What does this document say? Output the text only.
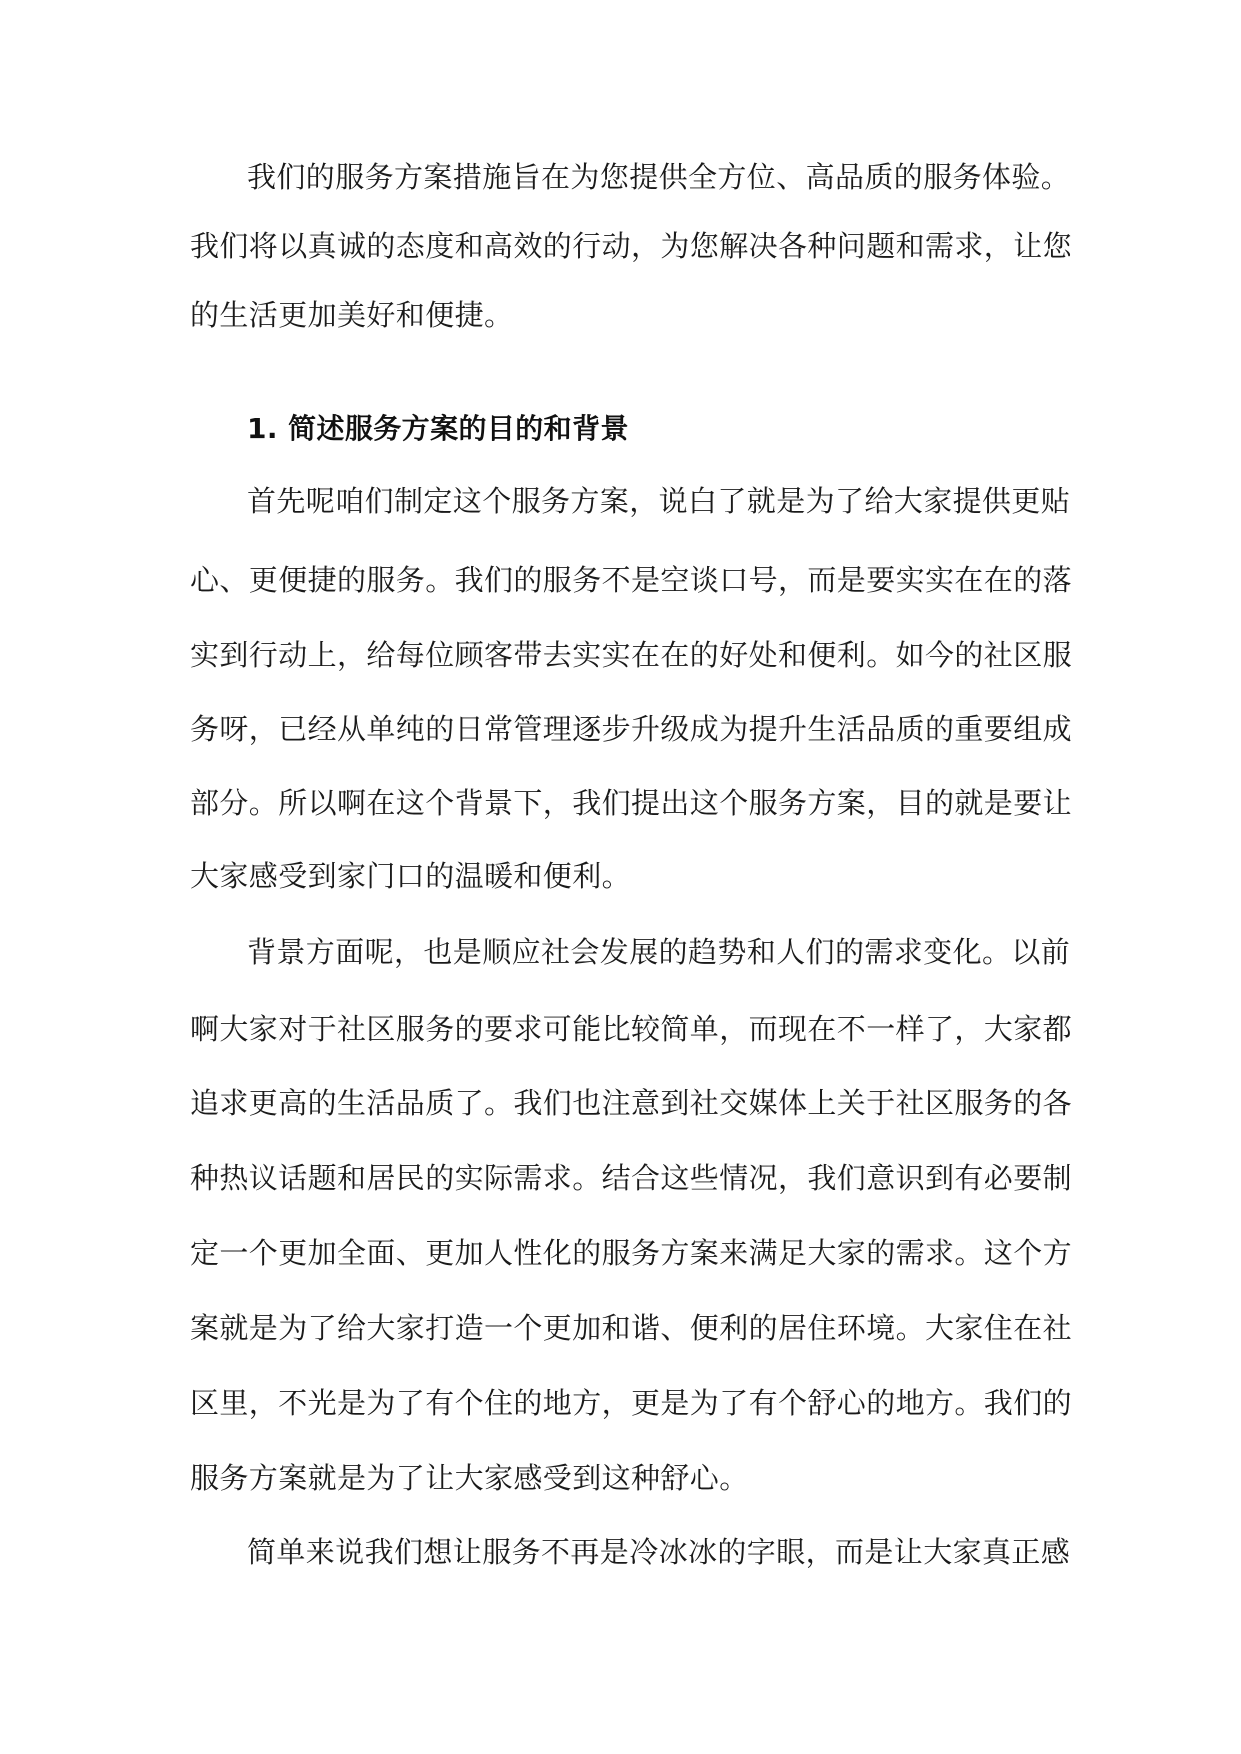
我们的服务方案措施旨在为您提供全方位、高品质的服务体验。
我们将以真诚的态度和高效的行动，为您解决各种问题和需求，让您
的生活更加美好和便捷。
1. 简述服务方案的目的和背景
首先呢咱们制定这个服务方案，说白了就是为了给大家提供更贴
心、更便捷的服务。我们的服务不是空谈口号，而是要实实在在的落
实到行动上，给每位顾客带去实实在在的好处和便利。如今的社区服
务呀，已经从单纯的日常管理逐步升级成为提升生活品质的重要组成
部分。所以啊在这个背景下，我们提出这个服务方案，目的就是要让
大家感受到家门口的温暖和便利。
背景方面呢，也是顺应社会发展的趋势和人们的需求变化。以前
啊大家对于社区服务的要求可能比较简单，而现在不一样了，大家都
追求更高的生活品质了。我们也注意到社交媒体上关于社区服务的各
种热议话题和居民的实际需求。结合这些情况，我们意识到有必要制
定一个更加全面、更加人性化的服务方案来满足大家的需求。这个方
案就是为了给大家打造一个更加和谐、便利的居住环境。大家住在社
区里，不光是为了有个住的地方，更是为了有个舒心的地方。我们的
服务方案就是为了让大家感受到这种舒心。
简单来说我们想让服务不再是冷冰冰的字眼，而是让大家真正感
